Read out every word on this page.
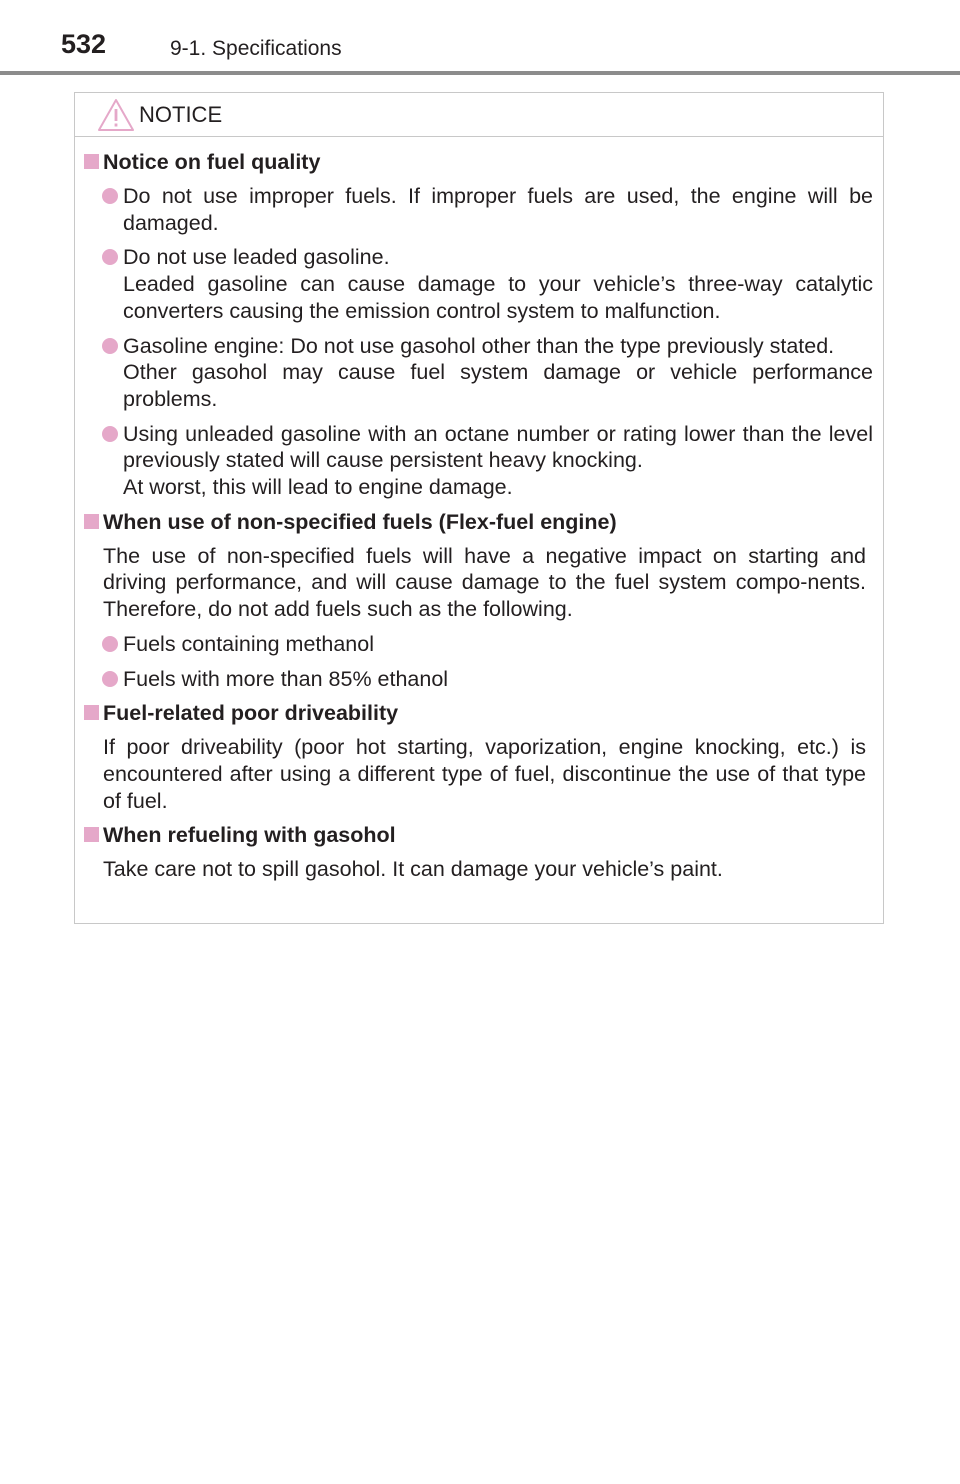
532	9-1. Specifications
NOTICE
Notice on fuel quality

Do not use improper fuels. If improper fuels are used, the engine will be damaged.

Do not use leaded gasoline.

Leaded gasoline can cause damage to your vehicle’s three-way catalytic converters causing the emission control system to malfunction.

Gasoline engine: Do not use gasohol other than the type previously stated.

Other gasohol may cause fuel system damage or vehicle performance problems.

Using unleaded gasoline with an octane number or rating lower than the level previously stated will cause persistent heavy knocking.

At worst, this will lead to engine damage.

When use of non-specified fuels (Flex-fuel engine)

The use of non-specified fuels will have a negative impact on starting and driving performance, and will cause damage to the fuel system compo-nents. Therefore, do not add fuels such as the following.

Fuels containing methanol

Fuels with more than 85% ethanol

Fuel-related poor driveability

If poor driveability (poor hot starting, vaporization, engine knocking, etc.) is encountered after using a different type of fuel, discontinue the use of that type of fuel.

When refueling with gasohol

Take care not to spill gasohol. It can damage your vehicle’s paint.
